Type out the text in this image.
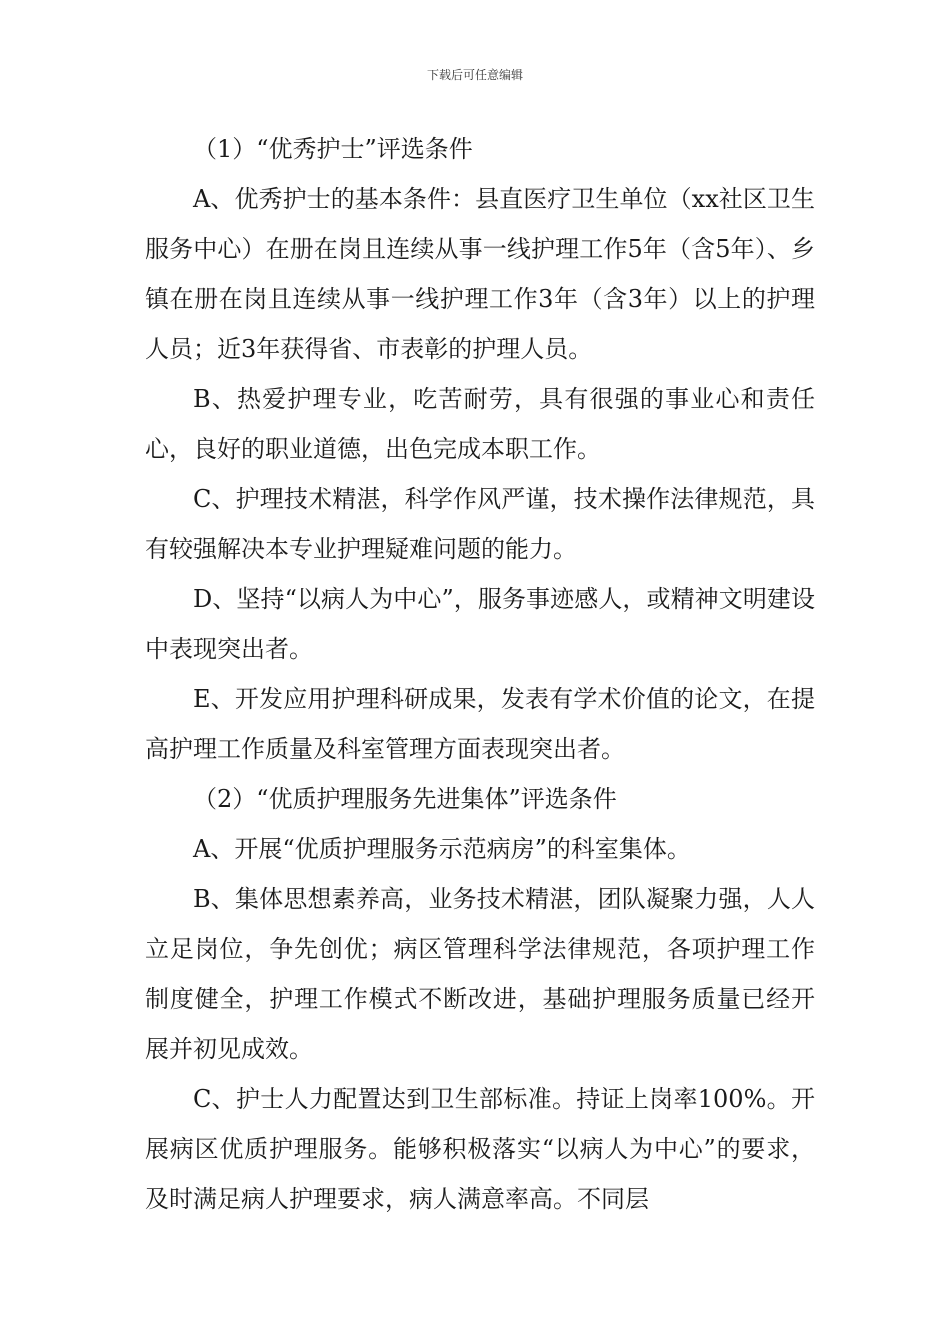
下载后可任意编辑

（1）“优秀护士”评选条件

A、优秀护士的基本条件：县直医疗卫生单位（xx社区卫生服务中心）在册在岗且连续从事一线护理工作5年（含5年）、乡镇在册在岗且连续从事一线护理工作3年（含3年）以上的护理人员；近3年获得省、市表彰的护理人员。

B、热爱护理专业，吃苦耐劳，具有很强的事业心和责任心，良好的职业道德，出色完成本职工作。

C、护理技术精湛，科学作风严谨，技术操作法律规范，具有较强解决本专业护理疑难问题的能力。

D、坚持“以病人为中心”，服务事迹感人，或精神文明建设中表现突出者。

E、开发应用护理科研成果，发表有学术价值的论文，在提高护理工作质量及科室管理方面表现突出者。

（2）“优质护理服务先进集体”评选条件

A、开展“优质护理服务示范病房”的科室集体。

B、集体思想素养高，业务技术精湛，团队凝聚力强，人人立足岗位，争先创优；病区管理科学法律规范，各项护理工作制度健全，护理工作模式不断改进，基础护理服务质量已经开展并初见成效。

C、护士人力配置达到卫生部标准。持证上岗率100%。开展病区优质护理服务。能够积极落实“以病人为中心”的要求，及时满足病人护理要求，病人满意率高。不同层
